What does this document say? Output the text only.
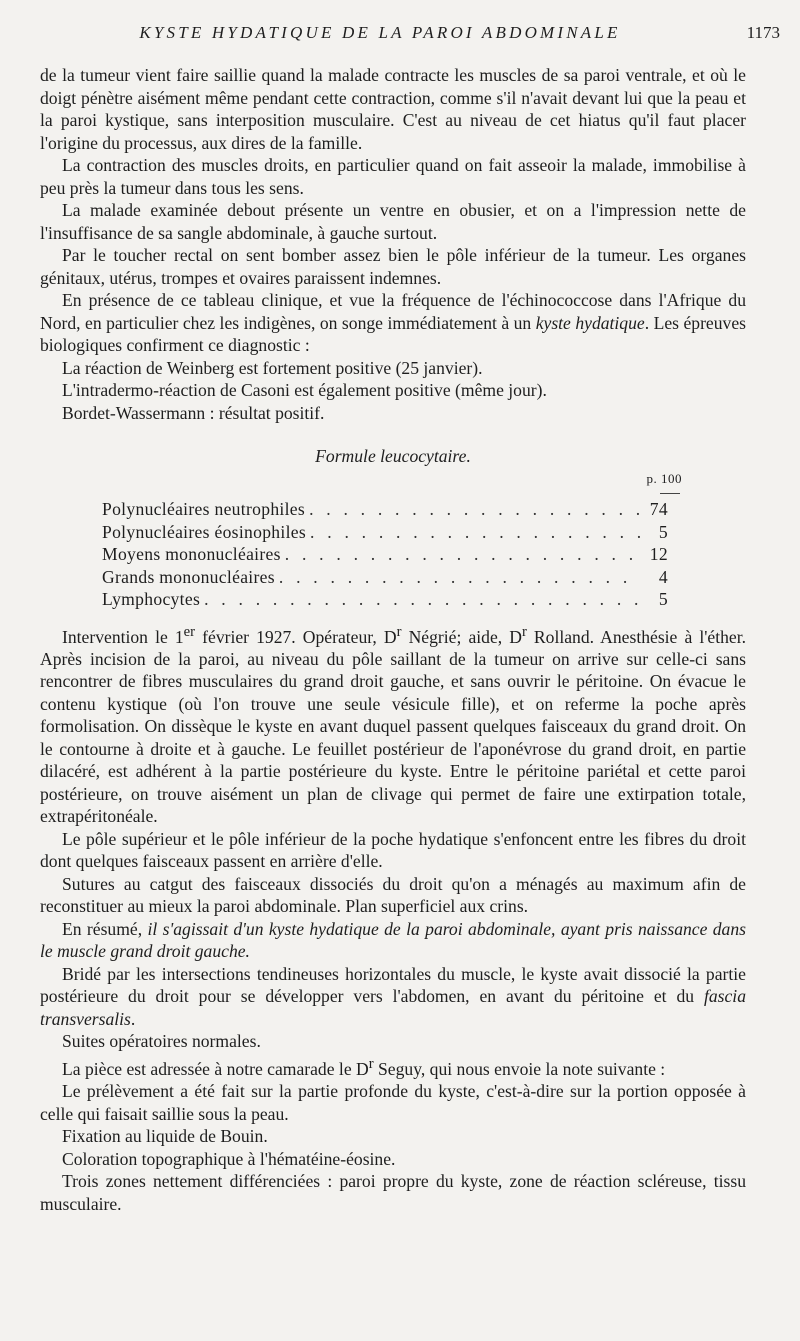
KYSTE HYDATIQUE DE LA PAROI ABDOMINALE	1173

de la tumeur vient faire saillie quand la malade contracte les muscles de sa paroi ventrale, et où le doigt pénètre aisément même pendant cette contraction, comme s'il n'avait devant lui que la peau et la paroi kystique, sans interposition musculaire. C'est au niveau de cet hiatus qu'il faut placer l'origine du processus, aux dires de la famille.

La contraction des muscles droits, en particulier quand on fait asseoir la malade, immobilise à peu près la tumeur dans tous les sens.

La malade examinée debout présente un ventre en obusier, et on a l'impression nette de l'insuffisance de sa sangle abdominale, à gauche surtout.

Par le toucher rectal on sent bomber assez bien le pôle inférieur de la tumeur. Les organes génitaux, utérus, trompes et ovaires paraissent indemnes.

En présence de ce tableau clinique, et vue la fréquence de l'échinococcose dans l'Afrique du Nord, en particulier chez les indigènes, on songe immédiatement à un kyste hydatique. Les épreuves biologiques confirment ce diagnostic :

La réaction de Weinberg est fortement positive (25 janvier).

L'intradermo-réaction de Casoni est également positive (même jour).

Bordet-Wassermann : résultat positif.

Formule leucocytaire.
p. 100
Polynucléaires neutrophiles . . .	74
Polynucléaires éosinophiles . . .	5
Moyens mononucléaires . . .	12
Grands mononucléaires . . .	4
Lymphocytes . . .	5

Intervention le 1er février 1927. Opérateur, $D^r$ Négrié; aide, $D^r$ Rolland. Anesthésie à l'éther. Après incision de la paroi, au niveau du pôle saillant de la tumeur on arrive sur celle-ci sans rencontrer de fibres musculaires du grand droit gauche, et sans ouvrir le péritoine. On évacue le contenu kystique (où l'on trouve une seule vésicule fille), et on referme la poche après formolisation. On dissèque le kyste en avant duquel passent quelques faisceaux du grand droit. On le contourne à droite et à gauche. Le feuillet postérieur de l'aponévrose du grand droit, en partie dilacéré, est adhérent à la partie postérieure du kyste. Entre le péritoine pariétal et cette paroi postérieure, on trouve aisément un plan de clivage qui permet de faire une extirpation totale, extrapéritonéale.

Le pôle supérieur et le pôle inférieur de la poche hydatique s'enfoncent entre les fibres du droit dont quelques faisceaux passent en arrière d'elle.

Sutures au catgut des faisceaux dissociés du droit qu'on a ménagés au maximum afin de reconstituer au mieux la paroi abdominale. Plan superficiel aux crins.

En résumé, il s'agissait d'un kyste hydatique de la paroi abdominale, ayant pris naissance dans le muscle grand droit gauche.

Bridé par les intersections tendineuses horizontales du muscle, le kyste avait dissocié la partie postérieure du droit pour se développer vers l'abdomen, en avant du péritoine et du fascia transversalis.

Suites opératoires normales.

La pièce est adressée à notre camarade le $D^r$ Seguy, qui nous envoie la note suivante :

Le prélèvement a été fait sur la partie profonde du kyste, c'est-à-dire sur la portion opposée à celle qui faisait saillie sous la peau.

Fixation au liquide de Bouin.

Coloration topographique à l'hématéine-éosine.

Trois zones nettement différenciées : paroi propre du kyste, zone de réaction scléreuse, tissu musculaire.
